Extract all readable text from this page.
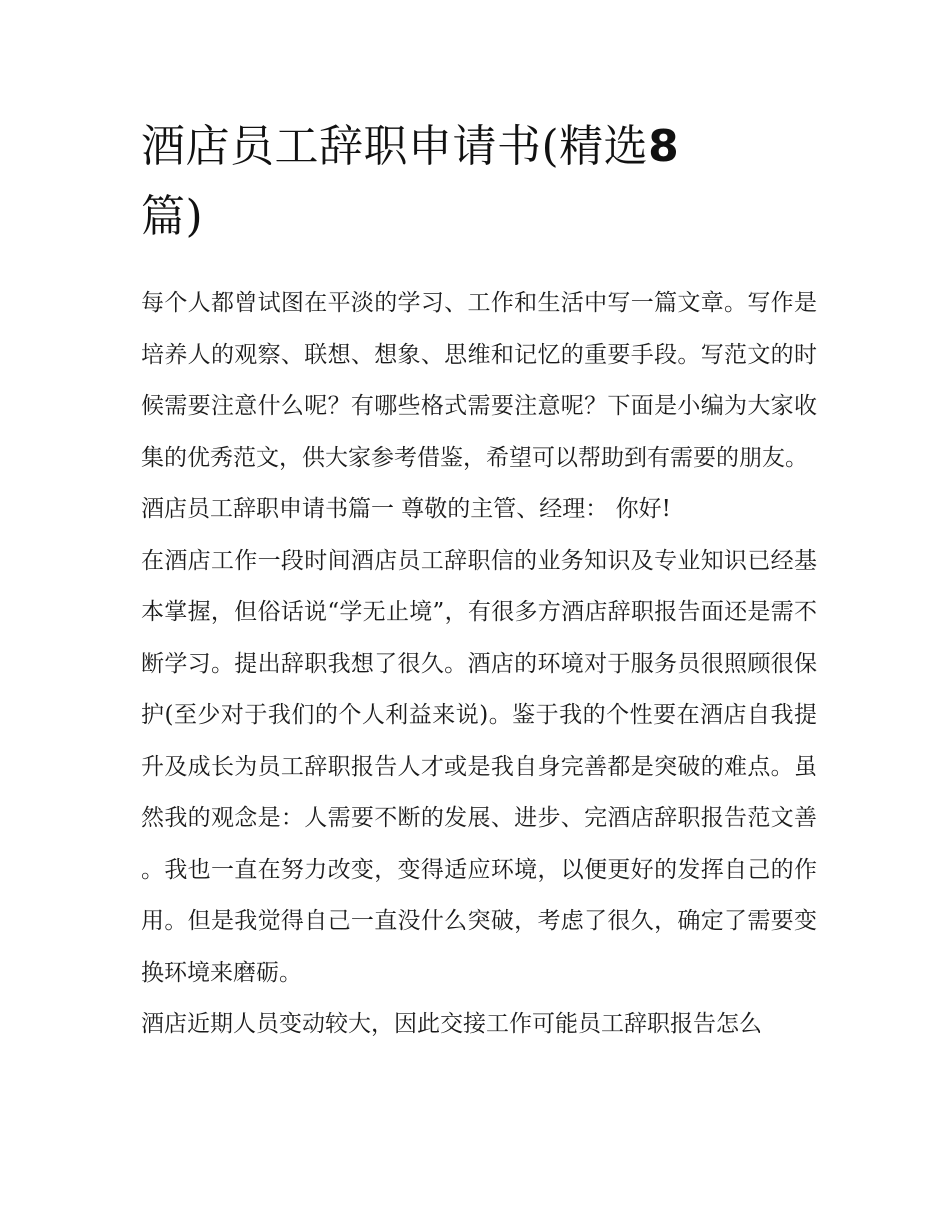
酒店员工辞职申请书(精选8
篇)

每个人都曾试图在平淡的学习、工作和生活中写一篇文章。写作是培养人的观察、联想、想象、思维和记忆的重要手段。写范文的时候需要注意什么呢？有哪些格式需要注意呢？下面是小编为大家收集的优秀范文，供大家参考借鉴，希望可以帮助到有需要的朋友。

酒店员工辞职申请书篇一 尊敬的主管、经理： 你好!

在酒店工作一段时间酒店员工辞职信的业务知识及专业知识已经基本掌握，但俗话说“学无止境”，有很多方酒店辞职报告面还是需不断学习。提出辞职我想了很久。酒店的环境对于服务员很照顾很保护(至少对于我们的个人利益来说)。鉴于我的个性要在酒店自我提升及成长为员工辞职报告人才或是我自身完善都是突破的难点。虽然我的观念是：人需要不断的发展、进步、完酒店辞职报告范文善。我也一直在努力改变，变得适应环境，以便更好的发挥自己的作用。但是我觉得自己一直没什么突破，考虑了很久，确定了需要变换环境来磨砺。

酒店近期人员变动较大，因此交接工作可能员工辞职报告怎么
